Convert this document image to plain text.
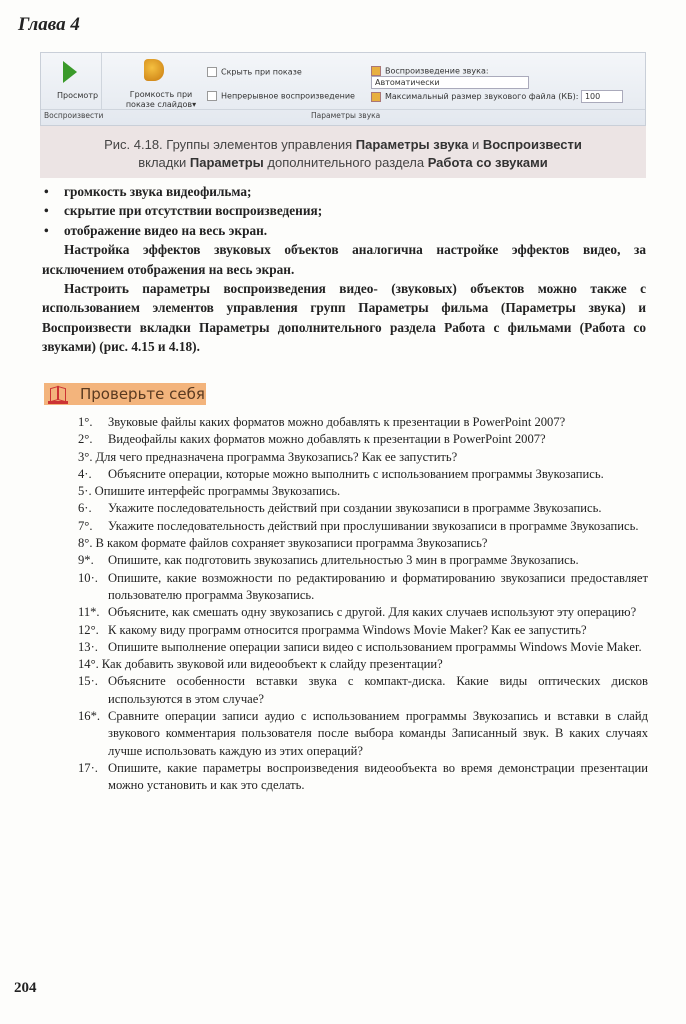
Глава 4
Просмотр	Громкость при
показе слайдов▾
Скрыть при показе
Непрерывное воспроизведение
Воспроизведение звука: Автоматически
Максимальный размер звукового файла (КБ): 100
Воспроизвести	Параметры звука
Рис. 4.18. Группы элементов управления Параметры звука и Воспроизвести
вкладки Параметры дополнительного раздела Работа со звуками

• громкость звука видеофильма;

• скрытие при отсутствии воспроизведения;

• отображение видео на весь экран.

Настройка эффектов звуковых объектов аналогична настройке эффектов видео, за исключением отображения на весь экран.

Настроить параметры воспроизведения видео- (звуковых) объектов можно также с использованием элементов управления групп Параметры фильма (Параметры звука) и Воспроизвести вкладки Параметры дополнительного раздела Работа с фильмами (Работа со звуками) (рис. 4.15 и 4.18).

Проверьте себя
1°. Звуковые файлы каких форматов можно добавлять к презентации в PowerPoint 2007?
2°. Видеофайлы каких форматов можно добавлять к презентации в PowerPoint 2007?
3°. Для чего предназначена программа Звукозапись? Как ее запустить?
4·. Объясните операции, которые можно выполнить с использованием программы Звукозапись.
5·. Опишите интерфейс программы Звукозапись.
6·. Укажите последовательность действий при создании звукозаписи в программе Звукозапись.
7°. Укажите последовательность действий при прослушивании звукозаписи в программе Звукозапись.
8°. В каком формате файлов сохраняет звукозаписи программа Звукозапись?
9*. Опишите, как подготовить звукозапись длительностью 3 мин в программе Звукозапись.
10·. Опишите, какие возможности по редактированию и форматированию звукозаписи предоставляет пользователю программа Звукозапись.
11*. Объясните, как смешать одну звукозапись с другой. Для каких случаев используют эту операцию?
12°. К какому виду программ относится программа Windows Movie Maker? Как ее запустить?
13·. Опишите выполнение операции записи видео с использованием программы Windows Movie Maker.
14°. Как добавить звуковой или видеообъект к слайду презентации?
15·. Объясните особенности вставки звука с компакт-диска. Какие виды оптических дисков используются в этом случае?
16*. Сравните операции записи аудио с использованием программы Звукозапись и вставки в слайд звукового комментария пользователя после выбора команды Записанный звук. В каких случаях лучше использовать каждую из этих операций?
17·. Опишите, какие параметры воспроизведения видеообъекта во время демонстрации презентации можно установить и как это сделать.
204
